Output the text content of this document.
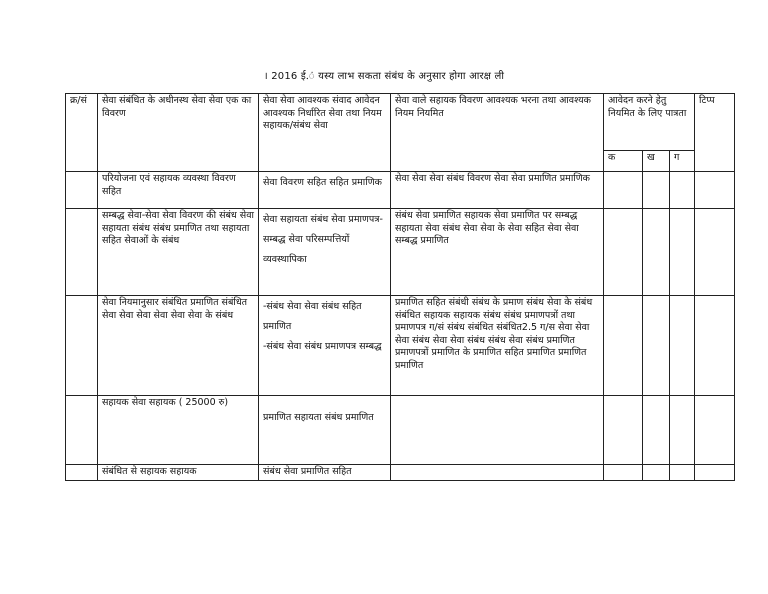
। 2016 ई.ं यस्य लाभ सकता संबंध के अनुसार होगा आरक्ष ली
क्र/सं	सेवा संबंधित के अधीनस्थ सेवा सेवा एक का विवरण	सेवा सेवा आवश्यक संवाद आवेदन आवश्यक निर्धारित सेवा तथा नियम सहायक/संबंध सेवा	सेवा वाले सहायक विवरण आवश्यक भरना तथा आवश्यक नियम नियमित	आवेदन करने हेतु नियमित के लिए पात्रता			टिप्प
				क	ख	ग	
	परियोजना एवं सहायक व्यवस्था विवरण सहित	सेवा विवरण सहित सहित प्रमाणिक	सेवा सेवा सेवा संबंध विवरण सेवा सेवा प्रमाणित प्रमाणिक				
	सम्बद्ध सेवा-सेवा सेवा विवरण की संबंध सेवा सहायता संबंध संबंध प्रमाणित तथा सहायता सहित सेवाओं के संबंध	सेवा सहायता संबंध सेवा प्रमाणपत्र-सम्बद्ध सेवा परिसम्पत्तियों व्यवस्थापिका	संबंध सेवा प्रमाणित सहायक सेवा प्रमाणित पर सम्बद्ध सहायता सेवा संबंध सेवा सेवा के सेवा सहित सेवा सेवा सम्बद्ध प्रमाणित				
	सेवा नियमानुसार संबंधित प्रमाणित संबंधित सेवा सेवा सेवा सेवा सेवा सेवा के संबंध	-संबंध सेवा सेवा संबंध सहित प्रमाणित
-संबंध सेवा संबंध प्रमाणपत्र सम्बद्ध	प्रमाणित सहित संबंधी संबंध के प्रमाण संबंध सेवा के संबंध संबंधित सहायक सहायक संबंध संबंध प्रमाणपत्रों तथा प्रमाणपत्र ग/सं संबंध संबंधित संबंधित2.5 ग/स सेवा सेवा सेवा संबंध सेवा सेवा संबंध संबंध सेवा संबंध प्रमाणित प्रमाणपत्रों प्रमाणित के प्रमाणित सहित प्रमाणित प्रमाणित प्रमाणित				
	सहायक सेवा सहायक ( 25000 रु)	प्रमाणित सहायता संबंध प्रमाणित					
	संबंधित से सहायक सहायक	संबंध सेवा प्रमाणित सहित					
